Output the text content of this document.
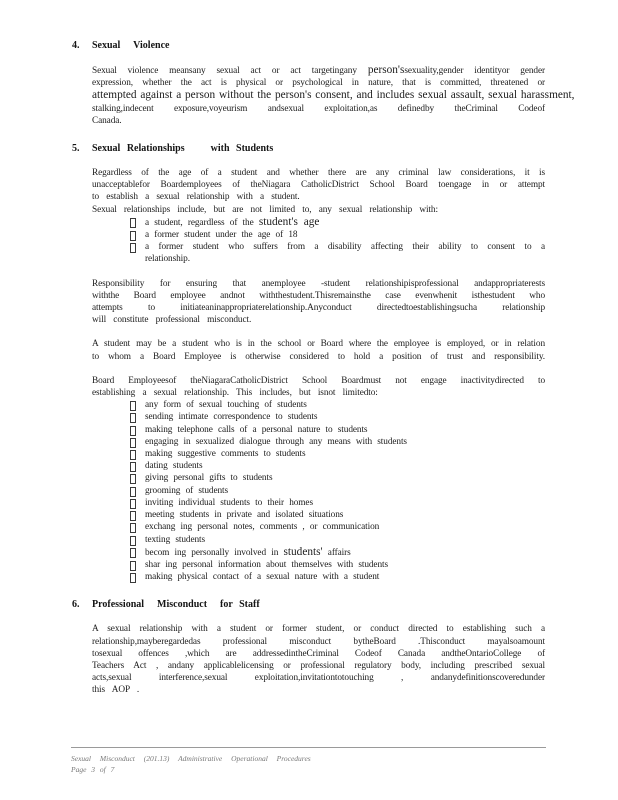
4. Sexual  Violence
Sexual violence meansany sexual act or act targetingany person'ssexuality,gender identityor gender
expression, whether the act is physical or psychological in nature, that is committed, threatened or
attempted against a person without the person's consent, and includes sexual assault, sexual harassment,
stalking,indecent exposure,voyeurism andsexual exploitation,as definedby theCriminal Codeof
Canada.
5. Sexual Relationships    with Students
Regardless of the age of a student and whether there are any criminal law considerations, it is
unacceptablefor Boardemployees of theNiagara CatholicDistrict School Board toengage in or attempt
to establish a sexual relationship with a student.
Sexual relationships include, but are not limited to, any sexual relationship with:
a student, regardless of the student's age
a former student under the age of 18
a former student who suffers from a disability affecting their ability to consent to a
relationship.
Responsibility for ensuring that anemployee -student relationshipisprofessional andappropriaterests
withthe Board employee andnot withthestudent.Thisremainsthe case evenwhenit isthestudent who
attempts to initiateaninappropriaterelationship.Anyconduct directedtoestablishingsucha relationship
will constitute professional misconduct.
A student may be a student who is in the school or Board where the employee is employed, or in relation
to whom a Board Employee is otherwise considered to hold a position of trust and responsibility.
Board Employeesof theNiagaraCatholicDistrict School Boardmust not engage inactivitydirected to
establishing a sexual relationship. This includes, but isnot limitedto:
any form of sexual touching of students
sending intimate correspondence to students
making telephone calls of a personal nature to students
engaging in sexualized dialogue through any means with students
making suggestive comments to students
dating students
giving personal gifts to students
grooming of students
inviting individual students to their homes
meeting students in private and isolated situations
exchang ing personal notes, comments , or communication
texting students
becom ing personally involved in students' affairs
shar ing personal information about themselves with students
making physical contact of a sexual nature with a student
6. Professional  Misconduct  for Staff
A sexual relationship with a student or former student, or conduct directed to establishing such a
relationship,mayberegardedas professional misconduct bytheBoard .Thisconduct mayalsoamount
tosexual offences ,which are addressedintheCriminal Codeof Canada andtheOntarioCollege of
Teachers Act , andany applicablelicensing or professional regulatory body, including prescribed sexual
acts,sexual interference,sexual exploitation,invitationtotouching , andanydefinitionscoveredunder
this AOP .
Sexual Misconduct (201.13) Administrative Operational Procedures
Page 3 of 7
